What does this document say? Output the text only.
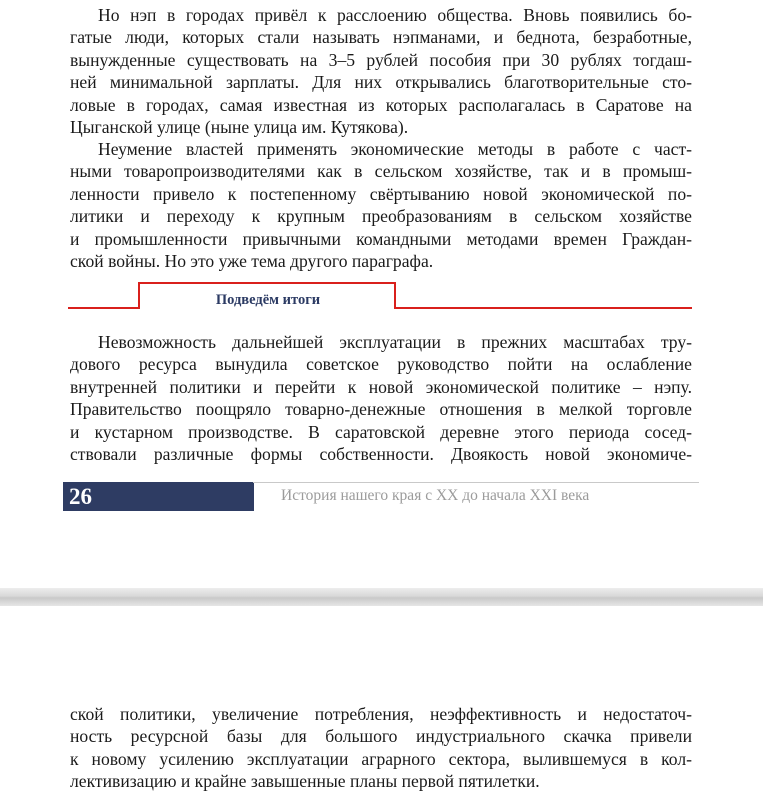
Но нэп в городах привёл к расслоению общества. Вновь появились бо-
гатые люди, которых стали называть нэпманами, и беднота, безработные,
вынужденные существовать на 3–5 рублей пособия при 30 рублях тогдаш-
ней минимальной зарплаты. Для них открывались благотворительные сто-
ловые в городах, самая известная из которых располагалась в Саратове на
Цыганской улице (ныне улица им. Кутякова).
Неумение властей применять экономические методы в работе с част-
ными товаропроизводителями как в сельском хозяйстве, так и в промыш-
ленности привело к постепенному свёртыванию новой экономической по-
литики и переходу к крупным преобразованиям в сельском хозяйстве
и промышленности привычными командными методами времен Граждан-
ской войны. Но это уже тема другого параграфа.
Подведём итоги
Невозможность дальнейшей эксплуатации в прежних масштабах тру-
дового ресурса вынудила советское руководство пойти на ослабление
внутренней политики и перейти к новой экономической политике – нэпу.
Правительство поощряло товарно-денежные отношения в мелкой торговле
и кустарном производстве. В саратовской деревне этого периода сосед-
ствовали различные формы собственности. Двоякость новой экономиче-
26	История нашего края с ХХ до начала XXI века
ской политики, увеличение потребления, неэффективность и недостаточ-
ность ресурсной базы для большого индустриального скачка привели
к новому усилению эксплуатации аграрного сектора, вылившемуся в кол-
лективизацию и крайне завышенные планы первой пятилетки.
